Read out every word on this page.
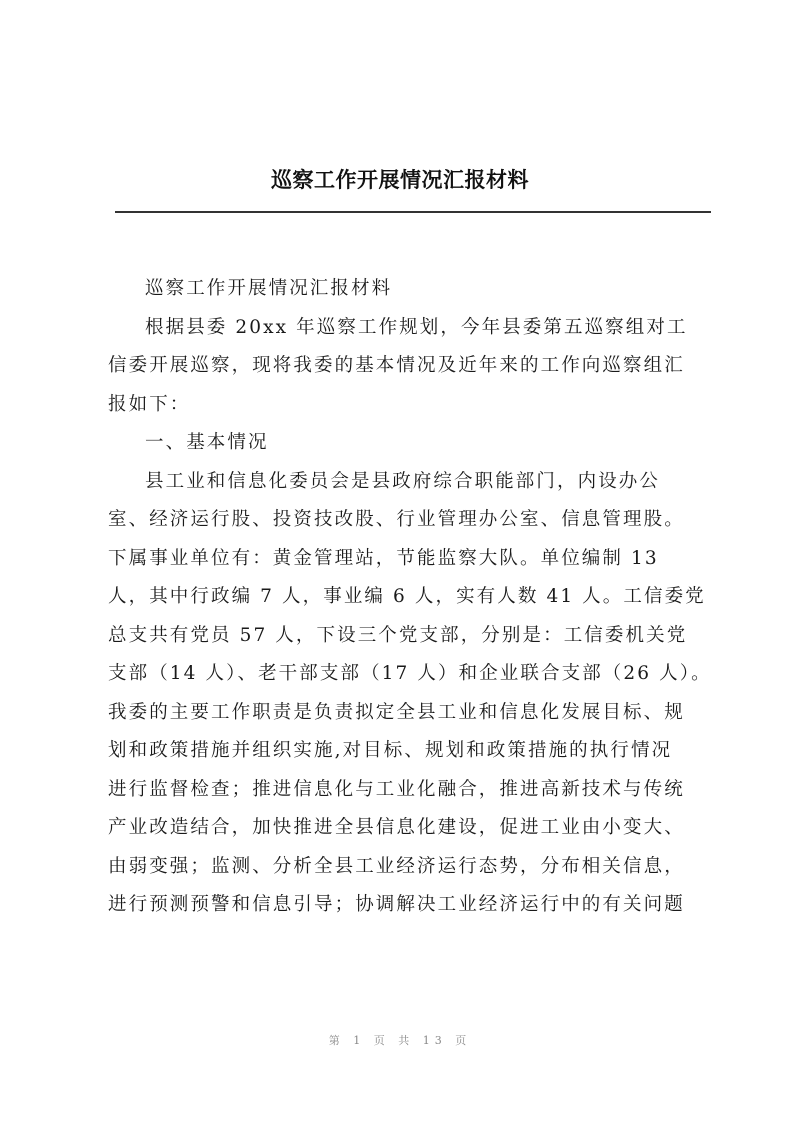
巡察工作开展情况汇报材料
巡察工作开展情况汇报材料
根据县委 20xx 年巡察工作规划，今年县委第五巡察组对工
信委开展巡察，现将我委的基本情况及近年来的工作向巡察组汇
报如下：
一、基本情况
县工业和信息化委员会是县政府综合职能部门，内设办公
室、经济运行股、投资技改股、行业管理办公室、信息管理股。
下属事业单位有：黄金管理站，节能监察大队。单位编制 13
人，其中行政编 7 人，事业编 6 人，实有人数 41 人。工信委党
总支共有党员 57 人，下设三个党支部，分别是：工信委机关党
支部（14 人）、老干部支部（17 人）和企业联合支部（26 人）。
我委的主要工作职责是负责拟定全县工业和信息化发展目标、规
划和政策措施并组织实施,对目标、规划和政策措施的执行情况
进行监督检查；推进信息化与工业化融合，推进高新技术与传统
产业改造结合，加快推进全县信息化建设，促进工业由小变大、
由弱变强；监测、分析全县工业经济运行态势，分布相关信息，
进行预测预警和信息引导；协调解决工业经济运行中的有关问题
第 1 页 共 13 页
